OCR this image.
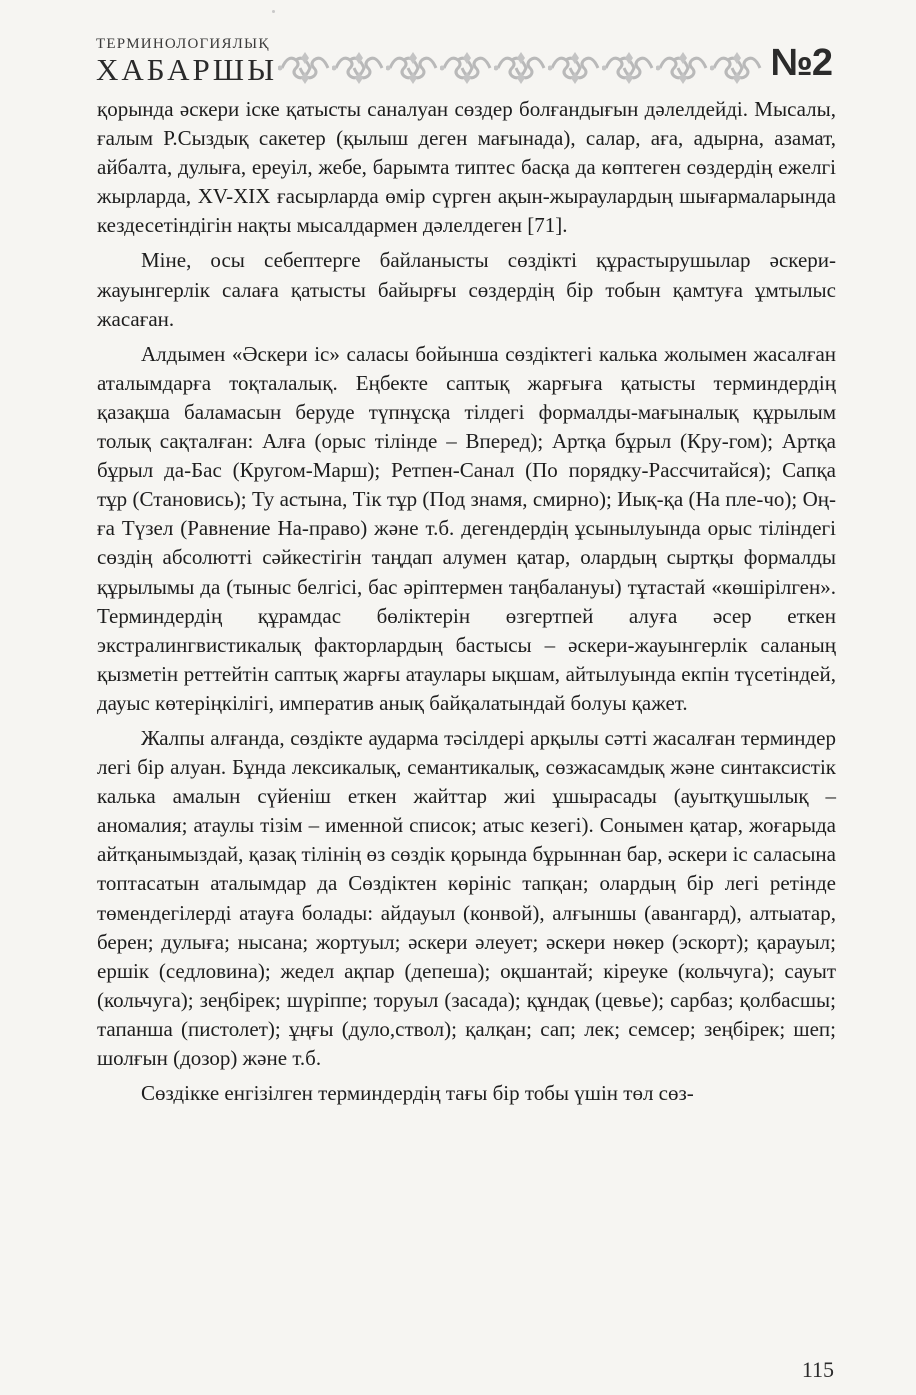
ТЕРМИНОЛОГИЯЛЫҚ
ХАБАРШЫ	№2

қорында әскери іске қатысты саналуан сөздер болғандығын дәлелдейді. Мысалы, ғалым Р.Сыздық сакетер (қылыш деген мағынада), салар, аға, адырна, азамат, айбалта, дулыға, ереуіл, жебе, барымта типтес басқа да көптеген сөздердің ежелгі жырларда, XV-XIX ғасырларда өмір сүрген ақын-жыраулардың шығармаларында кездесетіндігін нақты мысалдармен дәлелдеген [71].

Міне, осы себептерге байланысты сөздікті құрастырушылар әскери-жауынгерлік салаға қатысты байырғы сөздердің бір тобын қамтуға ұмтылыс жасаған.

Алдымен «Әскери іс» саласы бойынша сөздіктегі калька жолымен жасалған аталымдарға тоқталалық. Еңбекте саптық жарғыға қатысты терминдердің қазақша баламасын беруде түпнұсқа тілдегі формалды-мағыналық құрылым толық сақталған: Алға (орыс тілінде – Вперед); Артқа бұрыл (Кру-гом); Артқа бұрыл да-Бас (Кругом-Марш); Ретпен-Санал (По порядку-Рассчитайся); Сапқа тұр (Становись); Ту астына, Тік тұр (Под знамя, смирно); Иық-қа (На пле-чо); Оң-ға Түзел (Равнение На-право) және т.б. дегендердің ұсынылуында орыс тіліндегі сөздің абсолютті сәйкестігін таңдап алумен қатар, олардың сыртқы формалды құрылымы да (тыныс белгісі, бас әріптермен таңбалануы) тұтастай «көшірілген». Терминдердің құрамдас бөліктерін өзгертпей алуға әсер еткен экстралингвистикалық факторлардың бастысы – әскери-жауынгерлік саланың қызметін реттейтін саптық жарғы атаулары ықшам, айтылуында екпін түсетіндей, дауыс көтеріңкілігі, императив анық байқалатындай болуы қажет.

Жалпы алғанда, сөздікте аударма тәсілдері арқылы сәтті жасалған терминдер легі бір алуан. Бұнда лексикалық, семантикалық, сөзжасамдық және синтаксистік калька амалын сүйеніш еткен жайттар жиі ұшырасады (ауытқушылық – аномалия; атаулы тізім – именной список; атыс кезегі). Сонымен қатар, жоғарыда айтқанымыздай, қазақ тілінің өз сөздік қорында бұрыннан бар, әскери іс саласына топтасатын аталымдар да Сөздіктен көрініс тапқан; олардың бір легі ретінде төмендегілерді атауға болады: айдауыл (конвой), алғыншы (авангард), алтыатар, берен; дулыға; нысана; жортуыл; әскери әлеует; әскери нөкер (эскорт); қарауыл; ершік (седловина); жедел ақпар (депеша); оқшантай; кіреуке (кольчуга); сауыт (кольчуга); зеңбірек; шүріппе; торуыл (засада); құндақ (цевье); сарбаз; қолбасшы; тапанша (пистолет); ұңғы (дуло,ствол); қалқан; сап; лек; семсер; зеңбірек; шеп; шолғын (дозор) және т.б.

Сөздікке енгізілген терминдердің тағы бір тобы үшін төл сөз-

115
